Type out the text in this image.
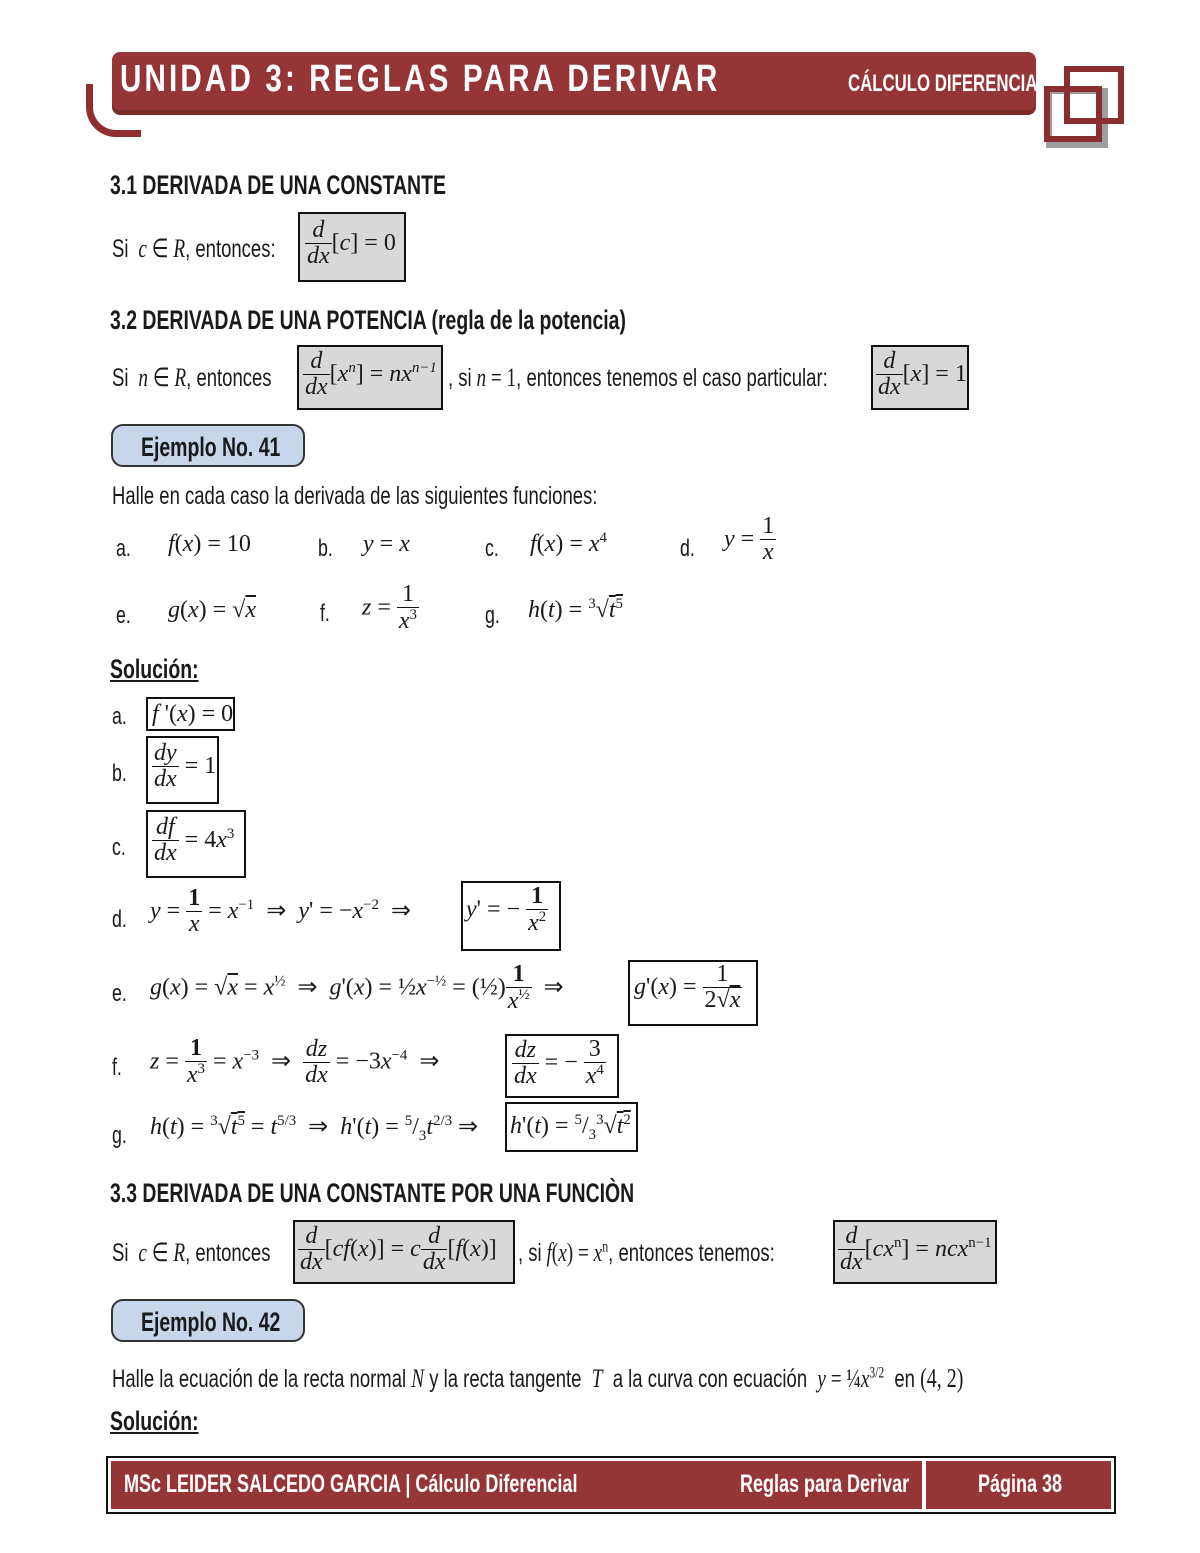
UNIDAD 3: REGLAS PARA DERIVAR	CÁLCULO DIFERENCIAL
3.1 DERIVADA DE UNA CONSTANTE
Si  c ∈ R, entonces: $\frac{d}{dx} [c] = 0$
3.2 DERIVADA DE UNA POTENCIA (regla de la potencia)
Si  n ∈ R, entonces $\frac{d}{dx} [x^n] = nx^{n-1}$ , si n = 1, entonces tenemos el caso particular: $\frac{d}{dx} [x] = 1$
Ejemplo No. 41
Halle en cada caso la derivada de las siguientes funciones:
a. f(x) = 10	b. y = x	c. $f(x) = x^4$	d. $y = \frac{1}{x}$
e. g(x) = √x	f. $z = \frac{1}{x^3}$	g. $h(t) = ^3√t^5$
Solución:
a. f '(x) = 0
b. $\frac{dy}{dx} = 1$
c. $\frac{df}{dx} = 4x^3$
d. $y = \frac{1}{x} = x^{-1}$  ⇒  $y' = -x^{-2}$  ⇒ y' = − $\frac{1}{x^2}$
e. $g(x) = √x = x^{\frac{1}{2}}$  ⇒  $g'(x) = \frac{1}{2}x^{-\frac{1}{2}}$ = (½) $\frac{1}{x^{\frac{1}{2}}}$ ⇒	$g'(x) = \frac{1}{2√x}$
f. $z = \frac{1}{x^3} = x^{-3}$  ⇒ $\frac{dz}{dx} = -3x^{-4}$  ⇒	$\frac{dz}{dx}$ = − $\frac{3}{x^4}$
g. $h(t) = ^3√t^5 = t^{5/3}$  ⇒  $h'(t) = ^5/_3t^{2/3}$ ⇒ $h'(t) = ^5/_3^3√t^2$
3.3 DERIVADA DE UNA CONSTANTE POR UNA FUNCIÒN
Si  c ∈ R, entonces $\frac{d}{dx} [cf(x)] = c \frac{d}{dx} [f(x)]$ , si $f(x) = x^n$, entonces tenemos:	$\frac{d}{dx} [cx^n] = ncx^{n-1}$
Ejemplo No. 42
Halle la ecuación de la recta normal N y la recta tangente T a la curva con ecuación $y = \frac{1}{4}x^{3/2}$ en (4, 2)
Solución:
MSc LEIDER SALCEDO GARCIA | Cálculo Diferencial	Reglas para Derivar	Página 38
